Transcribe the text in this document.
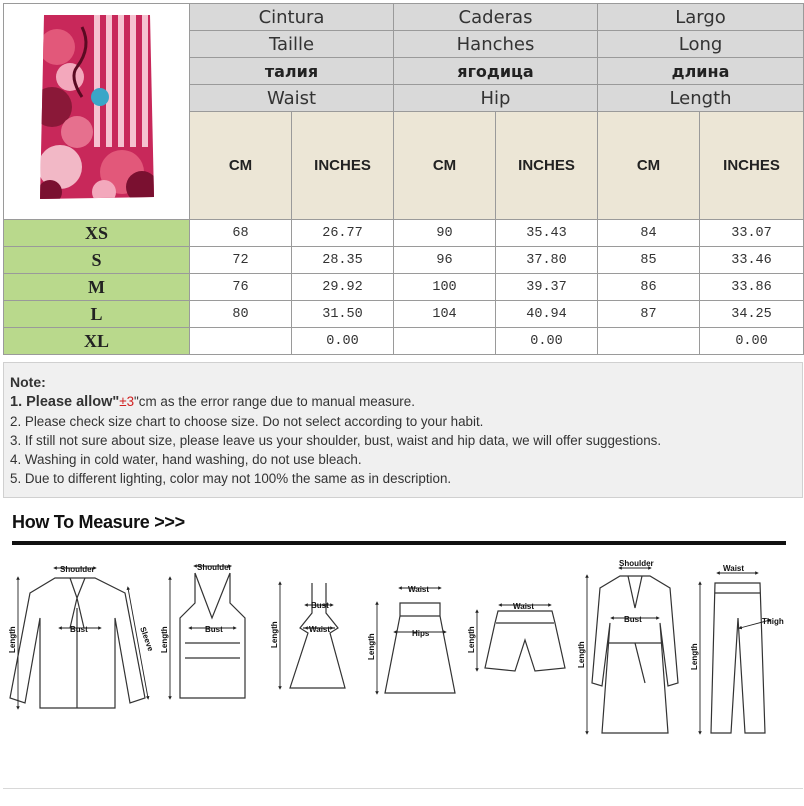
	Cintura		Caderas		Largo	
	Taille		Hanches		Long	
	талия		ягодица		длина	
	Waist		Hip		Length	
	CM	INCHES	CM	INCHES	CM	INCHES
XS	68	26.77	90	35.43	84	33.07
S	72	28.35	96	37.80	85	33.46
M	76	29.92	100	39.37	86	33.86
L	80	31.50	104	40.94	87	34.25
XL		0.00		0.00		0.00
Note:
1. Please allow"±3"cm as the error range due to manual measure.
2. Please check size chart to choose size. Do not select according to your habit.
3. If still not sure about size, please leave us your shoulder, bust, waist and hip data, we will offer suggestions.
4. Washing in cold water, hand washing, do not use bleach.
5. Due to different lighting, color may not 100% the same as in description.
How To Measure >>>
Shoulder
Bust
Length	Sleeve
Shoulder
Bust
Length
Bust
Waist
Length
Waist
Hips
Length
Waist
Length
Shoulder
Bust
Length
Waist
Thigh
Length
